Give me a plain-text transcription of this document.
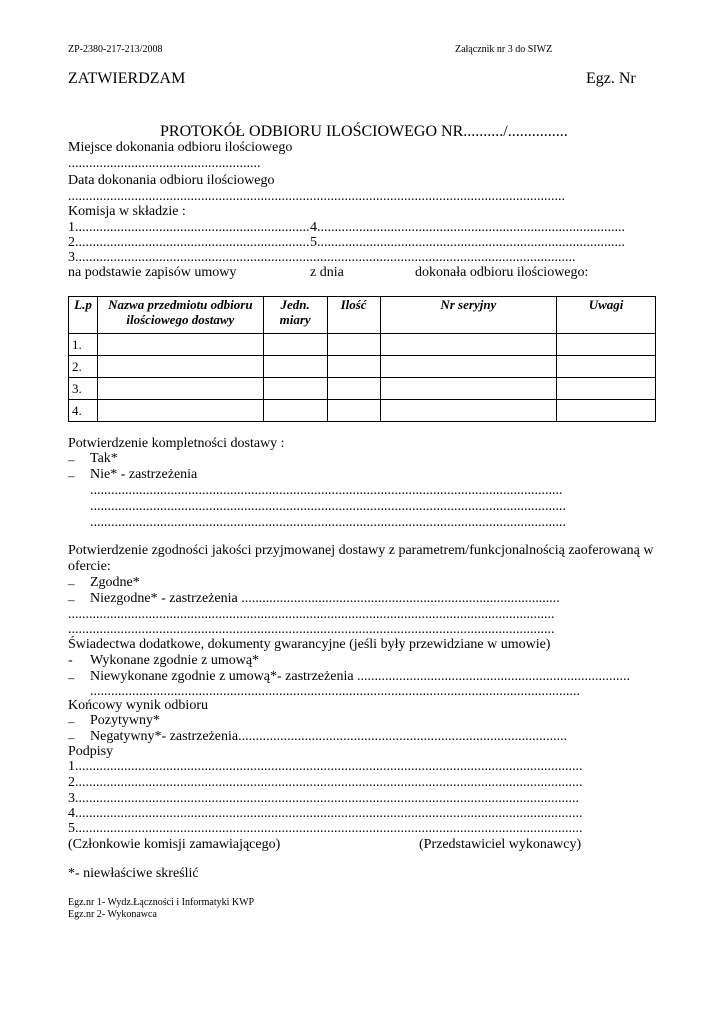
ZP-2380-217-213/2008	Załącznik nr 3 do SIWZ
ZATWIERDZAM	Egz. Nr
PROTOKÓŁ ODBIORU ILOŚCIOWEGO NR........../...............
Miejsce dokonania odbioru ilościowego
.......................................................
Data dokonania odbioru ilościowego
..............................................................................................................................................
Komisja w składzie :
1................................................................... 4........................................................................................
2................................................................... 5........................................................................................
3...............................................................................................................................................
na podstawie zapisów umowy	z dnia	dokonała odbioru ilościowego:
L.p	Nazwa przedmiotu odbioru ilościowego dostawy	Jedn. miary	Ilość	Nr seryjny	Uwagi
1.					
2.					
3.					
4.					
Potwierdzenie kompletności dostawy :
– Tak*
– Nie* - zastrzeżenia
.......................................................................................................................................
........................................................................................................................................
........................................................................................................................................
Potwierdzenie zgodności jakości przyjmowanej dostawy z parametrem/funkcjonalnością zaoferowaną w
ofercie:
– Zgodne*
– Niezgodne* - zastrzeżenia ...........................................................................................
...........................................................................................................................................
...........................................................................................................................................
Świadectwa dodatkowe, dokumenty gwarancyjne (jeśli były przewidziane w umowie)
- Wykonane zgodnie z umową*
– Niewykonane zgodnie z umową*- zastrzeżenia ..............................................................................
............................................................................................................................................
Końcowy wynik odbioru
– Pozytywny*
– Negatywny*- zastrzeżenia..............................................................................................
Podpisy
1.................................................................................................................................................
2.................................................................................................................................................
3................................................................................................................................................
4.................................................................................................................................................
5.................................................................................................................................................
(Członkowie komisji zamawiającego)	(Przedstawiciel wykonawcy)
*- niewłaściwe skreślić
Egz.nr 1- Wydz.Łączności i Informatyki KWP
Egz.nr 2- Wykonawca
